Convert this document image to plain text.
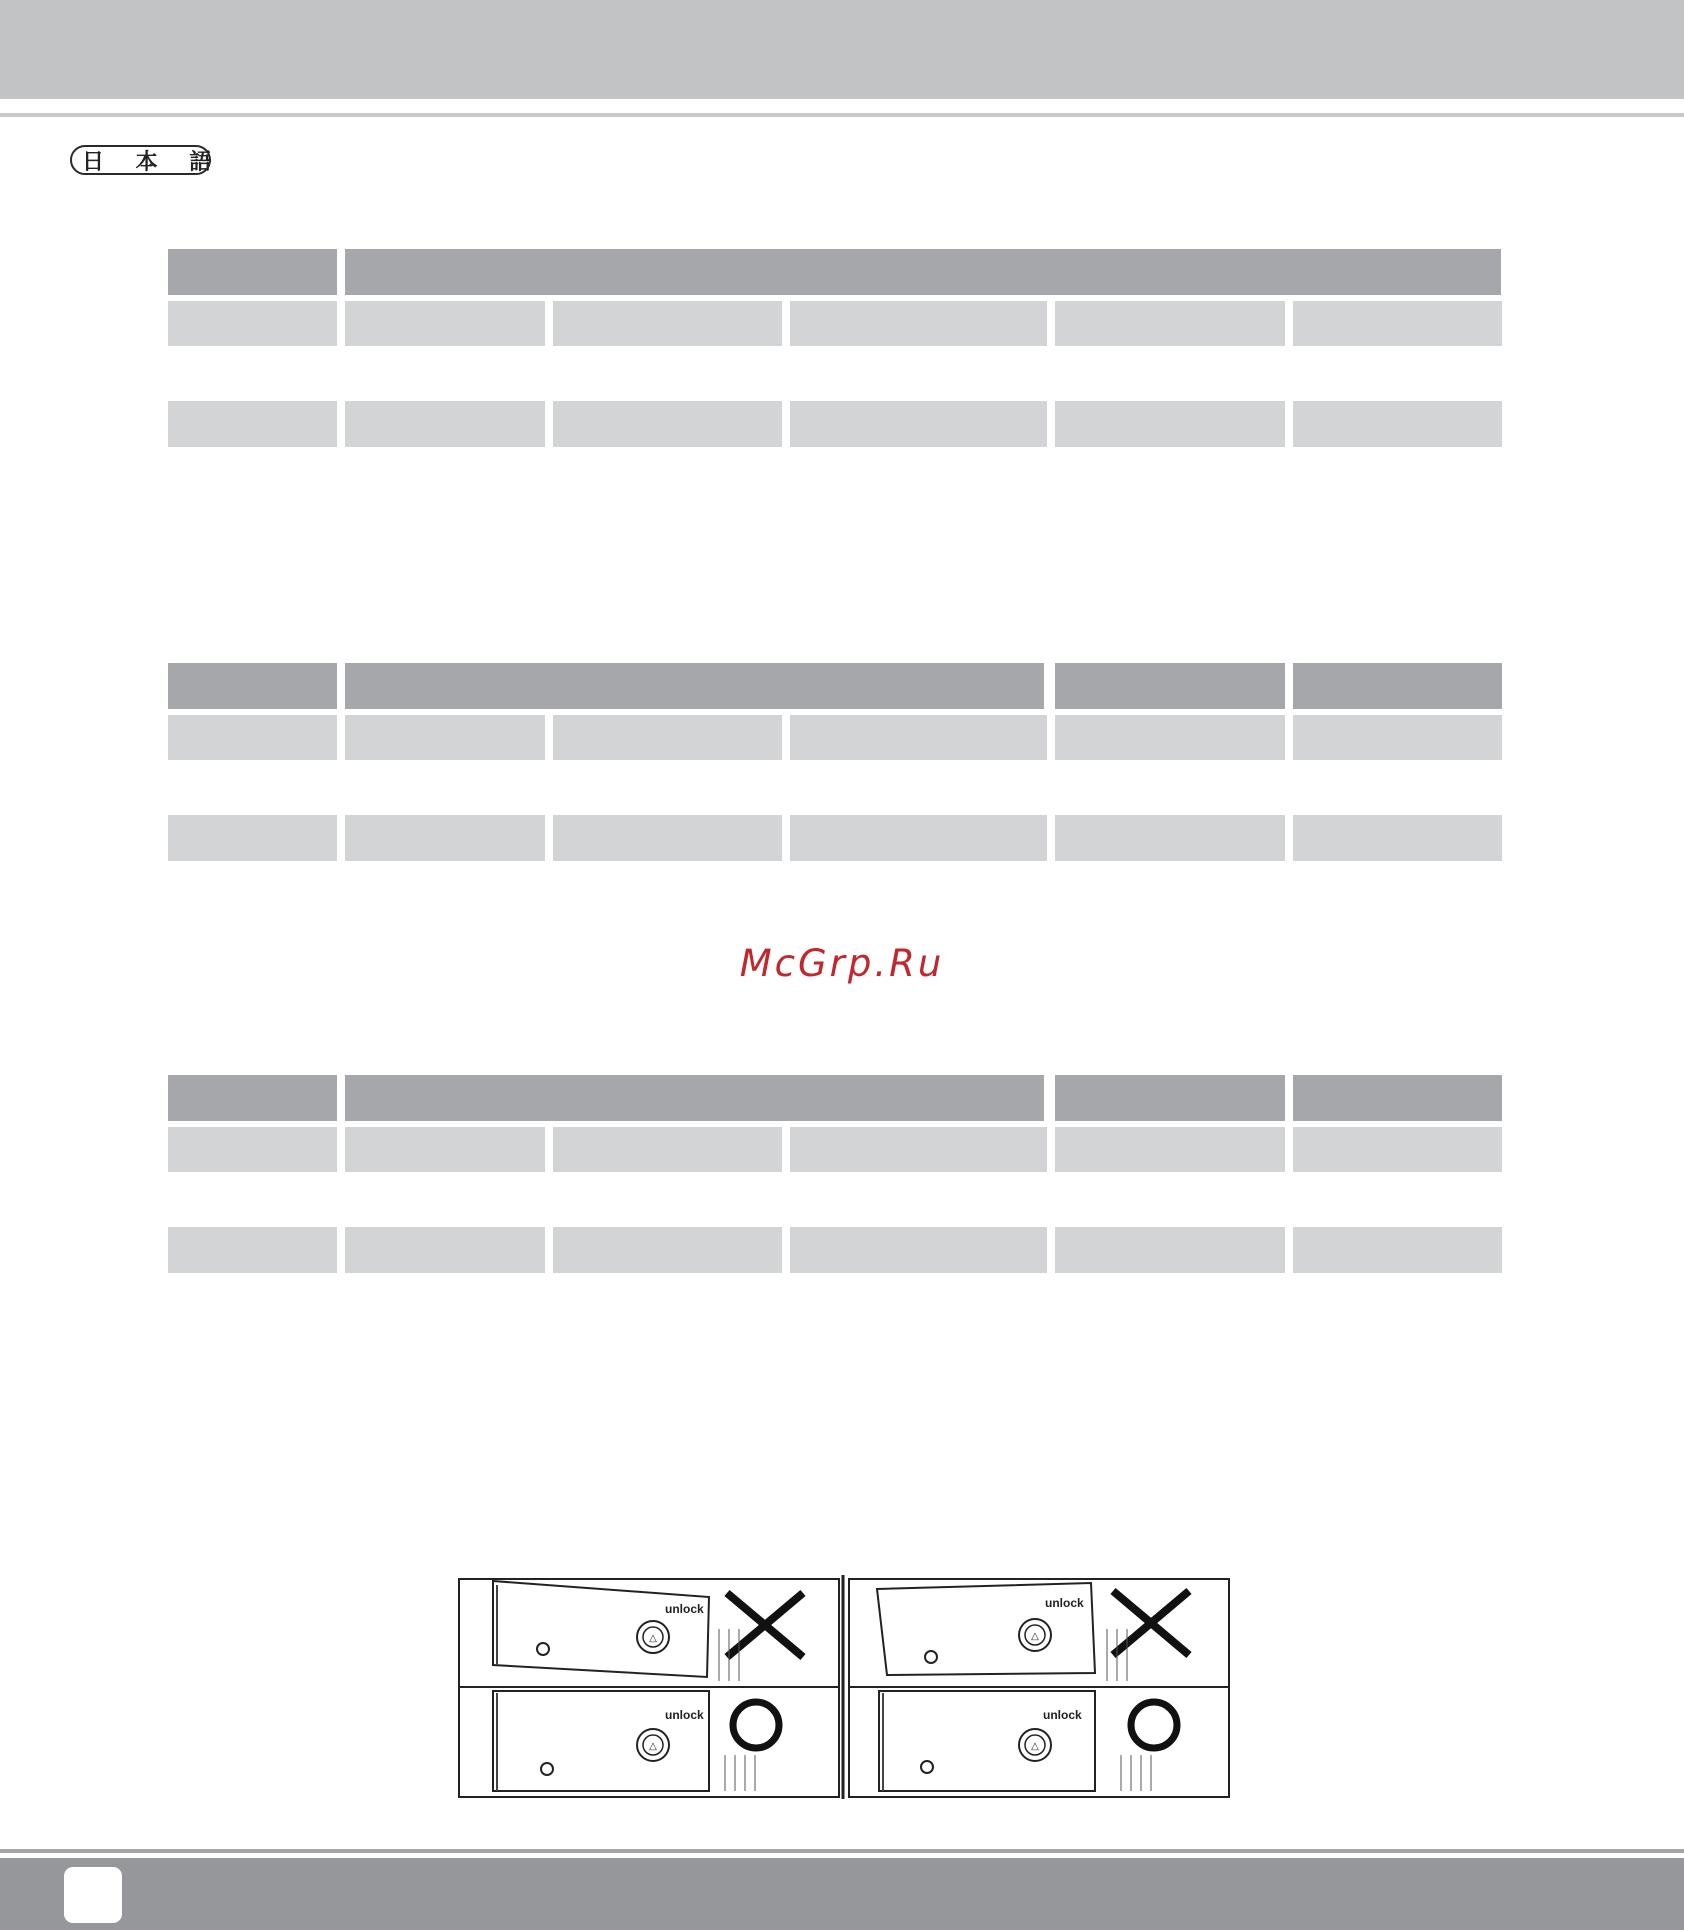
日 本 語
McGrp.Ru
△
unlock
△
unlock
△
unlock
△
unlock
